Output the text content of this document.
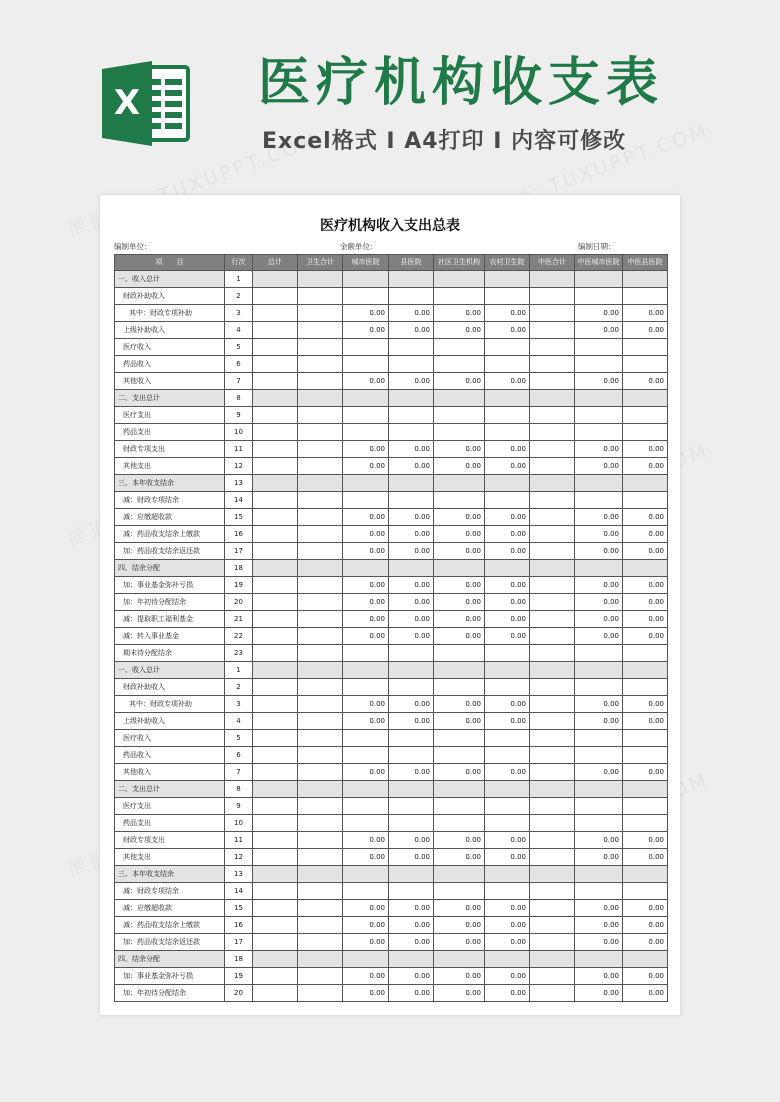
X 医疗机构收支表
Excel格式 I A4打印 I 内容可修改
医疗机构收入支出总表
编制单位：	金额单位：	编制日期：
项　　目	行次	总计	卫生合计	城市医院	县医院	社区卫生机构	农村卫生院	中医合计	中医城市医院	中医县医院
一、收入总计	1									
财政补助收入	2									
其中：财政专项补助	3			0.00	0.00	0.00	0.00		0.00	0.00
上级补助收入	4			0.00	0.00	0.00	0.00		0.00	0.00
医疗收入	5									
药品收入	6									
其他收入	7			0.00	0.00	0.00	0.00		0.00	0.00
二、支出总计	8									
医疗支出	9									
药品支出	10									
财政专项支出	11			0.00	0.00	0.00	0.00		0.00	0.00
其他支出	12			0.00	0.00	0.00	0.00		0.00	0.00
三、本年收支结余	13									
减：财政专项结余	14									
减：应缴超收款	15			0.00	0.00	0.00	0.00		0.00	0.00
减：药品收支结余上缴款	16			0.00	0.00	0.00	0.00		0.00	0.00
加：药品收支结余返还款	17			0.00	0.00	0.00	0.00		0.00	0.00
四、结余分配	18									
加：事业基金弥补亏损	19			0.00	0.00	0.00	0.00		0.00	0.00
加：年初待分配结余	20			0.00	0.00	0.00	0.00		0.00	0.00
减：提取职工福利基金	21			0.00	0.00	0.00	0.00		0.00	0.00
减：转入事业基金	22			0.00	0.00	0.00	0.00		0.00	0.00
期末待分配结余	23									
一、收入总计	1									
财政补助收入	2									
其中：财政专项补助	3			0.00	0.00	0.00	0.00		0.00	0.00
上级补助收入	4			0.00	0.00	0.00	0.00		0.00	0.00
医疗收入	5									
药品收入	6									
其他收入	7			0.00	0.00	0.00	0.00		0.00	0.00
二、支出总计	8									
医疗支出	9									
药品支出	10									
财政专项支出	11			0.00	0.00	0.00	0.00		0.00	0.00
其他支出	12			0.00	0.00	0.00	0.00		0.00	0.00
三、本年收支结余	13									
减：财政专项结余	14									
减：应缴超收款	15			0.00	0.00	0.00	0.00		0.00	0.00
减：药品收支结余上缴款	16			0.00	0.00	0.00	0.00		0.00	0.00
加：药品收支结余返还款	17			0.00	0.00	0.00	0.00		0.00	0.00
四、结余分配	18									
加：事业基金弥补亏损	19			0.00	0.00	0.00	0.00		0.00	0.00
加：年初待分配结余	20			0.00	0.00	0.00	0.00		0.00	0.00
